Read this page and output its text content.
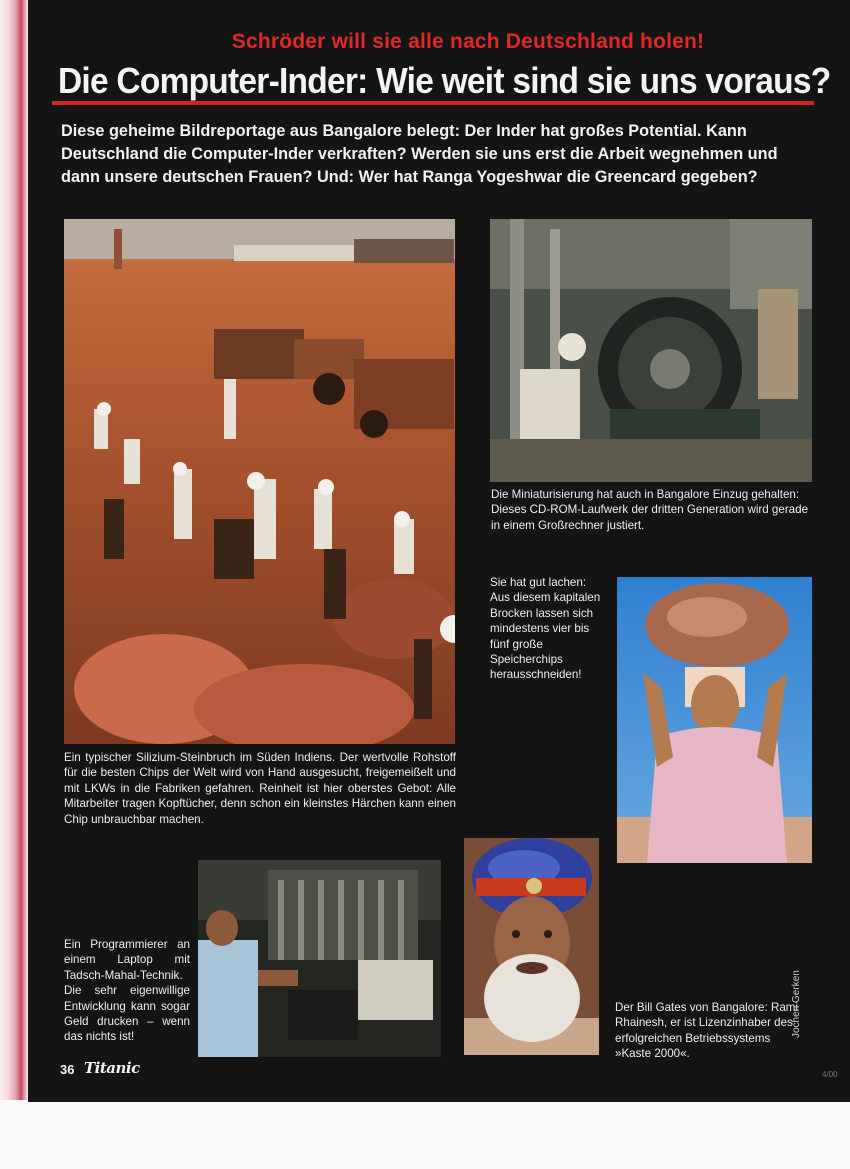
Schröder will sie alle nach Deutschland holen!
Die Computer-Inder: Wie weit sind sie uns voraus?

Diese geheime Bildreportage aus Bangalore belegt: Der Inder hat großes Potential. Kann Deutschland die Computer-Inder verkraften? Werden sie uns erst die Arbeit wegnehmen und dann unsere deutschen Frauen? Und: Wer hat Ranga Yogeshwar die Greencard gegeben?

Ein typischer Silizium-Steinbruch im Süden Indiens. Der wertvolle Rohstoff für die besten Chips der Welt wird von Hand ausgesucht, freigemeißelt und mit LKWs in die Fabriken gefahren. Reinheit ist hier oberstes Gebot: Alle Mitarbeiter tragen Kopftücher, denn schon ein kleinstes Härchen kann einen Chip unbrauchbar machen.

Die Miniaturisierung hat auch in Bangalore Einzug gehalten: Dieses CD-ROM-Laufwerk der dritten Generation wird gerade in einem Großrechner justiert.

Sie hat gut lachen: Aus diesem kapitalen Brocken lassen sich mindestens vier bis fünf große Speicherchips herausschneiden!

Ein Programmierer an einem Laptop mit Tadsch-Mahal-Technik. Die sehr eigenwillige Entwicklung kann sogar Geld drucken – wenn das nichts ist!

Der Bill Gates von Bangalore: Rami Rhainesh, er ist Lizenzinhaber des erfolgreichen Betriebssystems »Kaste 2000«.

Jochen Gerken
36 Titanic	4/00
